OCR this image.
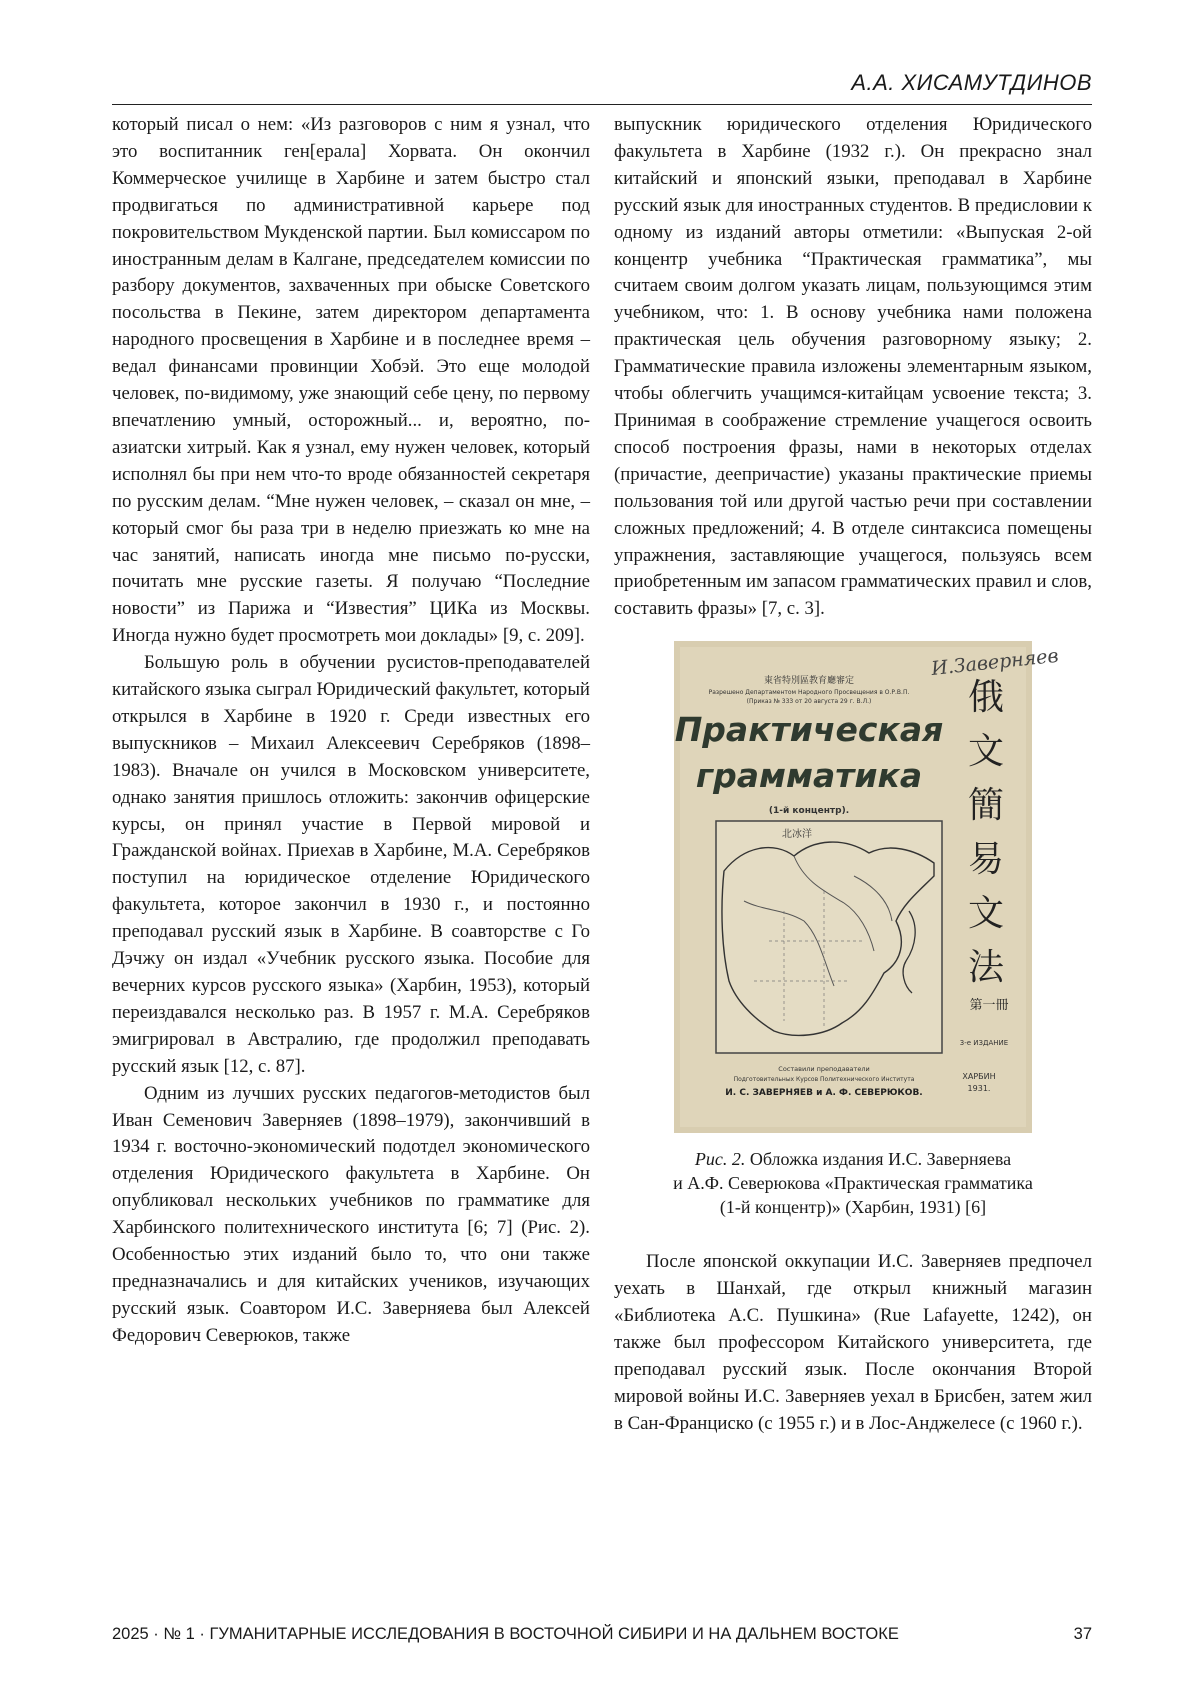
А.А. ХИСАМУТДИНОВ

который писал о нем: «Из разговоров с ним я узнал, что это воспитанник ген[ерала] Хорвата. Он окончил Коммерческое училище в Харбине и затем быстро стал продвигаться по административной карьере под покровительством Мукденской партии. Был комиссаром по иностранным делам в Калгане, председателем комиссии по разбору документов, захваченных при обыске Советского посольства в Пекине, затем директором департамента народного просвещения в Харбине и в последнее время – ведал финансами провинции Хобэй. Это еще молодой человек, по-видимому, уже знающий себе цену, по первому впечатлению умный, осторожный... и, вероятно, по-азиатски хитрый. Как я узнал, ему нужен человек, который исполнял бы при нем что-то вроде обязанностей секретаря по русским делам. “Мне нужен человек, – сказал он мне, – который смог бы раза три в неделю приезжать ко мне на час занятий, написать иногда мне письмо по-русски, почитать мне русские газеты. Я получаю “Последние новости” из Парижа и “Известия” ЦИКа из Москвы. Иногда нужно будет просмотреть мои доклады» [9, с. 209].

Большую роль в обучении русистов-преподавателей китайского языка сыграл Юридический факультет, который открылся в Харбине в 1920 г. Среди известных его выпускников – Михаил Алексеевич Серебряков (1898–1983). Вначале он учился в Московском университете, однако занятия пришлось отложить: закончив офицерские курсы, он принял участие в Первой мировой и Гражданской войнах. Приехав в Харбине, М.А. Серебряков поступил на юридическое отделение Юридического факультета, которое закончил в 1930 г., и постоянно преподавал русский язык в Харбине. В соавторстве с Го Дэчжу он издал «Учебник русского языка. Пособие для вечерних курсов русского языка» (Харбин, 1953), который переиздавался несколько раз. В 1957 г. М.А. Серебряков эмигрировал в Австралию, где продолжил преподавать русский язык [12, с. 87].

Одним из лучших русских педагогов-методистов был Иван Семенович Заверняев (1898–1979), закончивший в 1934 г. восточно-экономический подотдел экономического отделения Юридического факультета в Харбине. Он опубликовал нескольких учебников по грамматике для Харбинского политехнического института [6; 7] (Рис. 2). Особенностью этих изданий было то, что они также предназначались и для китайских учеников, изучающих русский язык. Соавтором И.С. Заверняева был Алексей Федорович Северюков, также

выпускник юридического отделения Юридического факультета в Харбине (1932 г.). Он прекрасно знал китайский и японский языки, преподавал в Харбине русский язык для иностранных студентов. В предисловии к одному из изданий авторы отметили: «Выпуская 2-ой концентр учебника “Практическая грамматика”, мы считаем своим долгом указать лицам, пользующимся этим учебником, что: 1. В основу учебника нами положена практическая цель обучения разговорному языку; 2. Грамматические правила изложены элементарным языком, чтобы облегчить учащимся-китайцам усвоение текста; 3. Принимая в соображение стремление учащегося освоить способ построения фразы, нами в некоторых отделах (причастие, деепричастие) указаны практические приемы пользования той или другой частью речи при составлении сложных предложений; 4. В отделе синтаксиса помещены упражнения, заставляющие учащегося, пользуясь всем приобретенным им запасом грамматических правил и слов, составить фразы» [7, с. 3].

И.Заверняев
東省特別區教育廳審定
Разрешено Департаментом Народного Просвещения в О.Р.В.П.
(Приказ № 333 от 20 августа 29 г. В.Л.)
Практическая
грамматика
(1-й концентр).
俄
文
簡
易
文
法
第一冊
北冰洋
3-е ИЗДАНИЕ
Составили преподаватели
Подготовительных Курсов Политехнического Института
И. С. ЗАВЕРНЯЕВ и А. Ф. СЕВЕРЮКОВ.
ХАРБИН
1931.
Рис. 2. Обложка издания И.С. Заверняева
и А.Ф. Северюкова «Практическая грамматика
(1-й концентр)» (Харбин, 1931) [6]

После японской оккупации И.С. Заверняев предпочел уехать в Шанхай, где открыл книжный магазин «Библиотека А.С. Пушкина» (Rue Lafayette, 1242), он также был профессором Китайского университета, где преподавал русский язык. После окончания Второй мировой войны И.С. Заверняев уехал в Брисбен, затем жил в Сан-Франциско (с 1955 г.) и в Лос-Анджелесе (с 1960 г.).

2025 · № 1 · ГУМАНИТАРНЫЕ ИССЛЕДОВАНИЯ В ВОСТОЧНОЙ СИБИРИ И НА ДАЛЬНЕМ ВОСТОКЕ	37
